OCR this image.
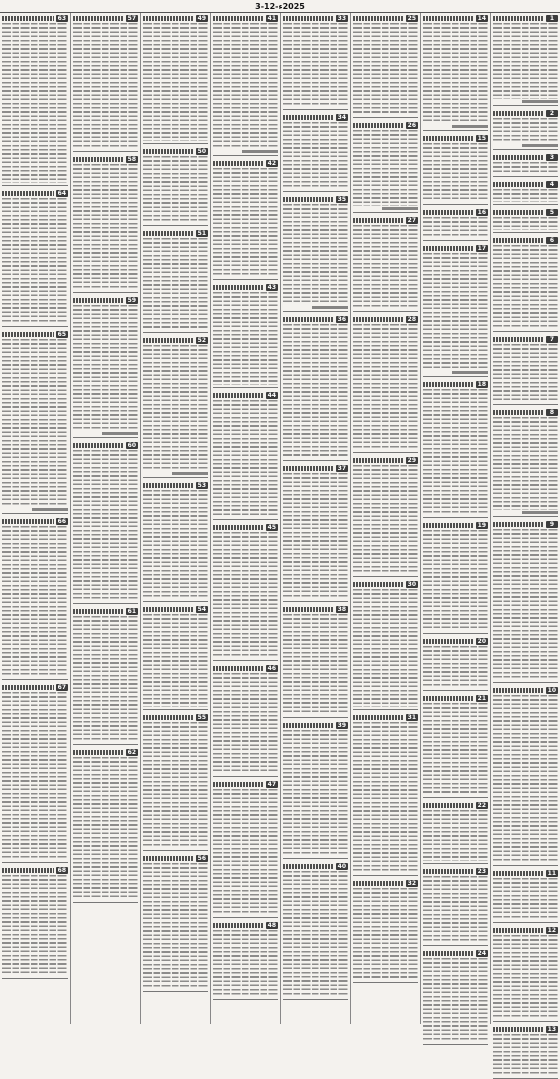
2025ء-12-3
1
2
3
4
5
6
7
8
9
10
11
12
13
14
15
16
17
18
19
20
21
22
23
24
25
26
27
28
29
30
31
32
33
34
35
36
37
38
39
40
41
42
43
44
45
46
47
48
49
50
51
52
53
54
55
56
57
58
59
60
61
62
63
64
65
66
67
68
